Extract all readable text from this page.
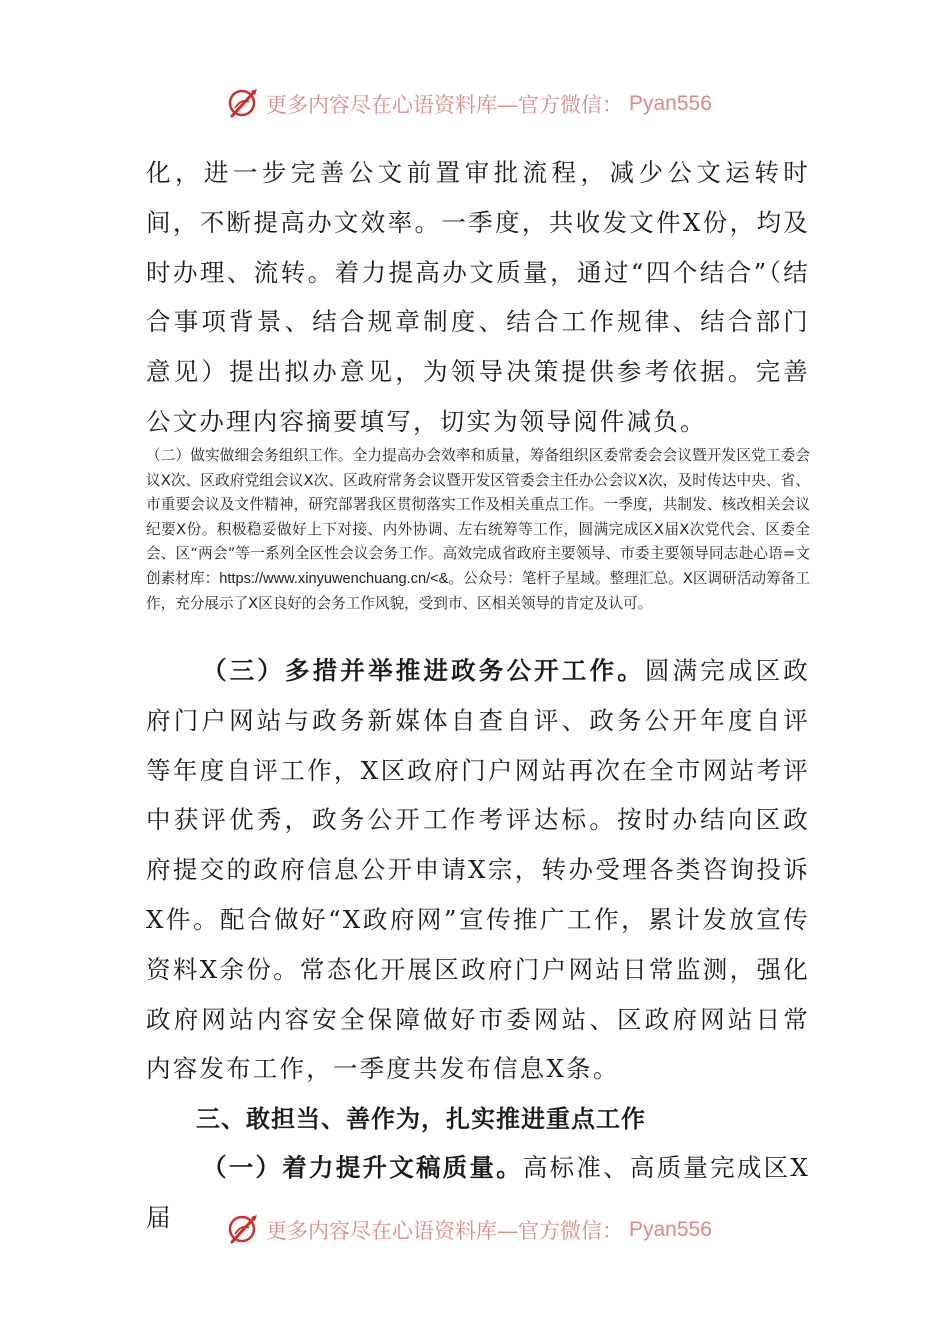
更多内容尽在心语资料库—官方微信： Pyan556

化，进一步完善公文前置审批流程，减少公文运转时间，不断提高办文效率。一季度，共收发文件X份，均及时办理、流转。着力提高办文质量，通过“四个结合”（结合事项背景、结合规章制度、结合工作规律、结合部门意见）提出拟办意见，为领导决策提供参考依据。完善公文办理内容摘要填写，切实为领导阅件减负。

（二）做实做细会务组织工作。全力提高办会效率和质量，筹备组织区委常委会会议暨开发区党工委会议X次、区政府党组会议X次、区政府常务会议暨开发区管委会主任办公会议X次，及时传达中央、省、市重要会议及文件精神，研究部署我区贯彻落实工作及相关重点工作。一季度，共制发、核改相关会议纪要X份。积极稳妥做好上下对接、内外协调、左右统筹等工作，圆满完成区X届X次党代会、区委全会、区“两会”等一系列全区性会议会务工作。高效完成省政府主要领导、市委主要领导同志赴心语=文创素材库：https://www.xinyuwenchuang.cn/<&。公众号：笔杆子星域。整理汇总。X区调研活动筹备工作，充分展示了X区良好的会务工作风貌，受到市、区相关领导的肯定及认可。

（三）多措并举推进政务公开工作。圆满完成区政府门户网站与政务新媒体自查自评、政务公开年度自评等年度自评工作，X区政府门户网站再次在全市网站考评中获评优秀，政务公开工作考评达标。按时办结向区政府提交的政府信息公开申请X宗，转办受理各类咨询投诉X件。配合做好“X政府网”宣传推广工作，累计发放宣传资料X余份。常态化开展区政府门户网站日常监测，强化政府网站内容安全保障做好市委网站、区政府网站日常内容发布工作，一季度共发布信息X条。

三、敢担当、善作为，扎实推进重点工作

（一）着力提升文稿质量。高标准、高质量完成区X届	更多内容尽在心语资料库—官方微信： Pyan556
